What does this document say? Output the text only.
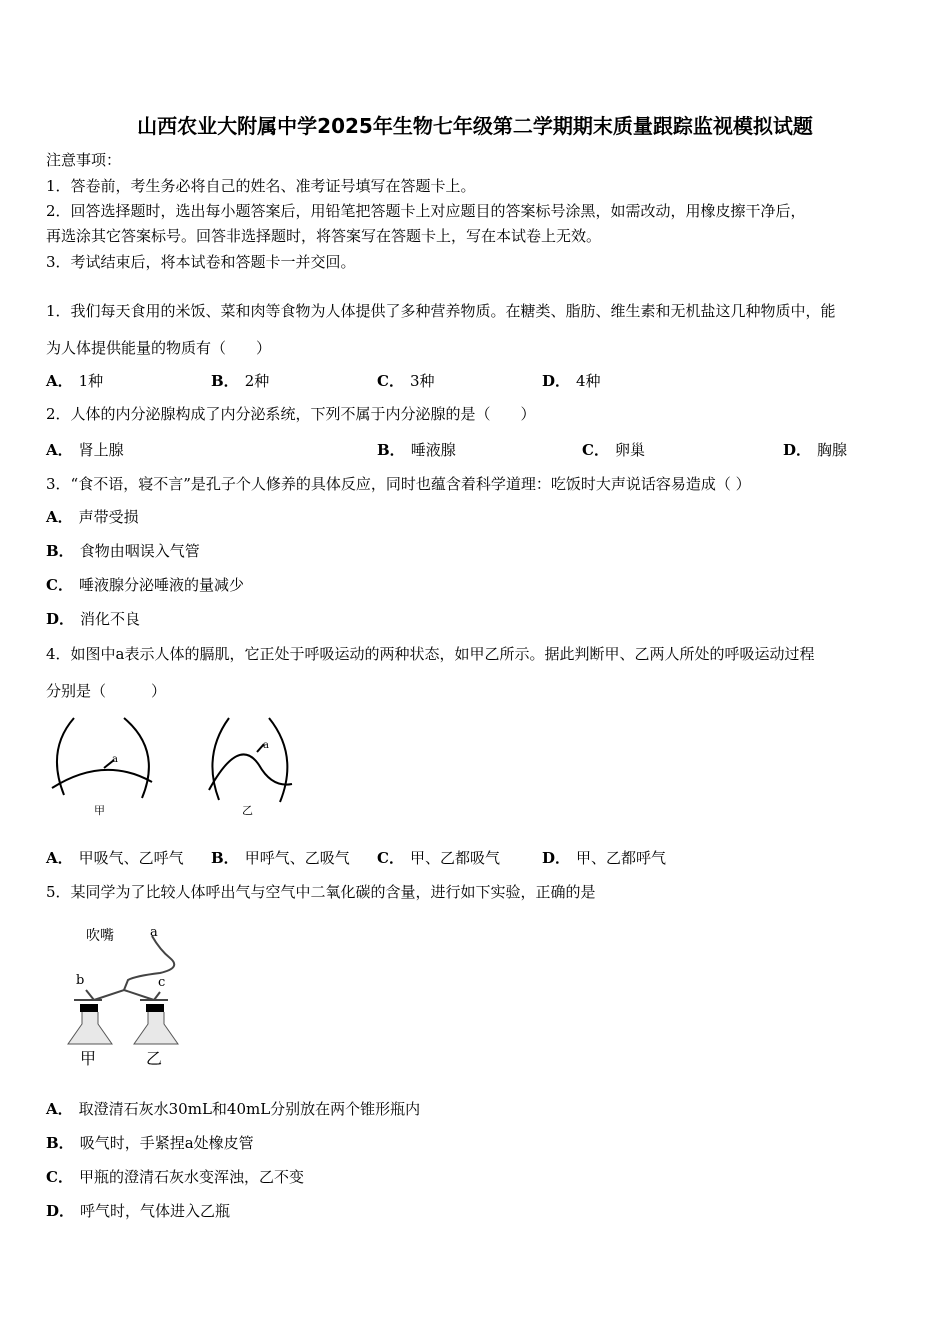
山西农业大附属中学2025年生物七年级第二学期期末质量跟踪监视模拟试题
注意事项：
1．答卷前，考生务必将自己的姓名、准考证号填写在答题卡上。
2．回答选择题时，选出每小题答案后，用铅笔把答题卡上对应题目的答案标号涂黑，如需改动，用橡皮擦干净后，
再选涂其它答案标号。回答非选择题时，将答案写在答题卡上，写在本试卷上无效。
3．考试结束后，将本试卷和答题卡一并交回。
1．我们每天食用的米饭、菜和肉等食物为人体提供了多种营养物质。在糖类、脂肪、维生素和无机盐这几种物质中，能
为人体提供能量的物质有（　　）
A． 1种	B． 2种	C． 3种	D． 4种
2．人体的内分泌腺构成了内分泌系统，下列不属于内分泌腺的是（　　）
A． 肾上腺	B． 唾液腺	C． 卵巢	D． 胸腺
3．“食不语，寝不言”是孔子个人修养的具体反应，同时也蕴含着科学道理：吃饭时大声说话容易造成（ ）
A． 声带受损
B． 食物由咽误入气管
C． 唾液腺分泌唾液的量减少
D． 消化不良
4．如图中a表示人体的膈肌，它正处于呼吸运动的两种状态，如甲乙所示。据此判断甲、乙两人所处的呼吸运动过程
分别是（　　　）
a
甲
a
乙
A． 甲吸气、乙呼气 B． 甲呼气、乙吸气 C． 甲、乙都吸气	D． 甲、乙都呼气
5．某同学为了比较人体呼出气与空气中二氧化碳的含量，进行如下实验，正确的是
吹嘴	a
b	c
甲	乙
A． 取澄清石灰水30mL和40mL分别放在两个锥形瓶内
B． 吸气时，手紧捏a处橡皮管
C． 甲瓶的澄清石灰水变浑浊，乙不变
D． 呼气时，气体进入乙瓶
